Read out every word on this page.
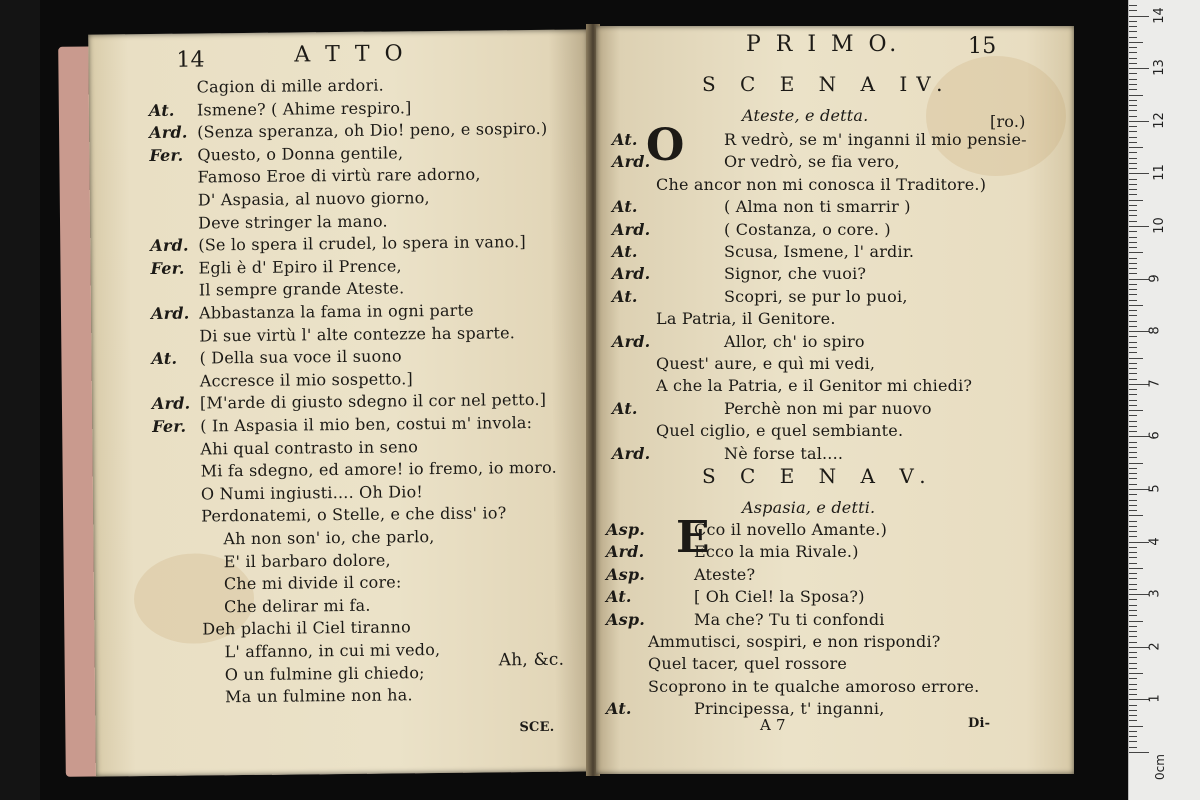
14	A T T O
Cagion di mille ardori.
At. Ismene? ( Ahime respiro.]
Ard. (Senza speranza, oh Dio! peno, e sospiro.)
Fer. Questo, o Donna gentile,
Famoso Eroe di virtù rare adorno,
D' Aspasia, al nuovo giorno,
Deve stringer la mano.
Ard. (Se lo spera il crudel, lo spera in vano.]
Fer. Egli è d' Epiro il Prence,
Il sempre grande Ateste.
Ard. Abbastanza la fama in ogni parte
Di sue virtù l' alte contezze ha sparte.
At. ( Della sua voce il suono
Accresce il mio sospetto.]
Ard. [M'arde di giusto sdegno il cor nel petto.]
Fer. ( In Aspasia il mio ben, costui m' invola:
Ahi qual contrasto in seno
Mi fa sdegno, ed amore! io fremo, io moro.
O Numi ingiusti.... Oh Dio!
Perdonatemi, o Stelle, e che diss' io?
Ah non son' io, che parlo,
E' il barbaro dolore,
Che mi divide il core:
Che delirar mi fa.
Deh plachi il Ciel tiranno
L' affanno, in cui mi vedo,
O un fulmine gli chiedo;
Ma un fulmine non ha.
Ah, &c.
SCE.
P R I M O.	15
S C E N A IV.
Ateste, e detta.	[ro.)
O
At.	R vedrò, se m' inganni il mio pensie-
Ard.	Or vedrò, se fia vero,
Che ancor non mi conosca il Traditore.)
At.	( Alma non ti smarrir )
Ard.	( Costanza, o core. )
At.	Scusa, Ismene, l' ardir.
Ard.	Signor, che vuoi?
At.	Scopri, se pur lo puoi,
La Patria, il Genitore.
Ard.	Allor, ch' io spiro
Quest' aure, e quì mi vedi,
A che la Patria, e il Genitor mi chiedi?
At.	Perchè non mi par nuovo
Quel ciglio, e quel sembiante.
Ard.	Nè forse tal....
S C E N A V.
Aspasia, e detti.
E
Asp.	Cco il novello Amante.)
Ard.	Ecco la mia Rivale.)
Asp.	Ateste?
At.	[ Oh Ciel! la Sposa?)
Asp.	Ma che? Tu ti confondi
Ammutisci, sospiri, e non rispondi?
Quel tacer, quel rossore
Scoprono in te qualche amoroso errore.
At.	Principessa, t' inganni,
A 7	Di-
0cm
14
13
12
11
10
9
8
7
6
5
4
3
2
1
